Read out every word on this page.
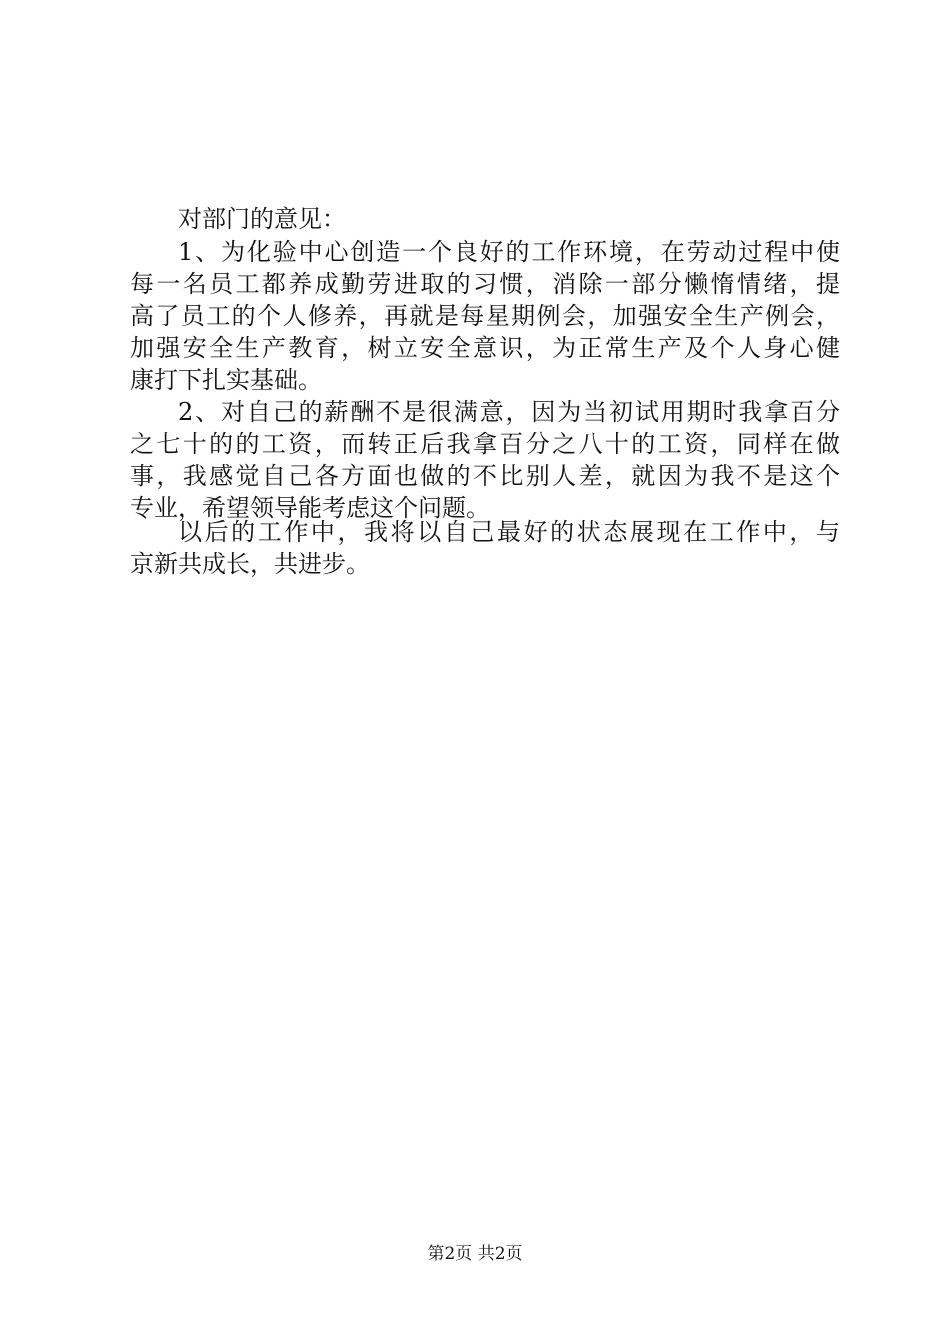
对部门的意见：
1、为化验中心创造一个良好的工作环境，在劳动过程中使
每一名员工都养成勤劳进取的习惯，消除一部分懒惰情绪，提
高了员工的个人修养，再就是每星期例会，加强安全生产例会，
加强安全生产教育，树立安全意识，为正常生产及个人身心健
康打下扎实基础。
2、对自己的薪酬不是很满意，因为当初试用期时我拿百分
之七十的的工资，而转正后我拿百分之八十的工资，同样在做
事，我感觉自己各方面也做的不比别人差，就因为我不是这个
专业，希望领导能考虑这个问题。
以后的工作中，我将以自己最好的状态展现在工作中，与
京新共成长，共进步。
第2页 共2页
